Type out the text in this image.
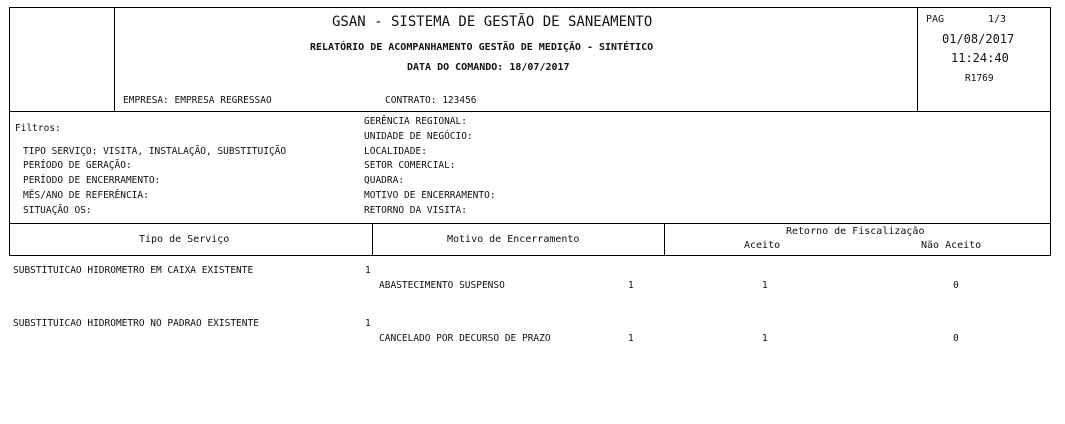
GSAN - SISTEMA DE GESTÃO DE SANEAMENTO
RELATÓRIO DE ACOMPANHAMENTO GESTÃO DE MEDIÇÃO - SINTÉTICO
DATA DO COMANDO: 18/07/2017
EMPRESA: EMPRESA REGRESSAO	CONTRATO: 123456
PAG	1/3
01/08/2017
11:24:40
R1769
Filtros:
TIPO SERVIÇO: VISITA, INSTALAÇÃO, SUBSTITUIÇÃO
PERÍODO DE GERAÇÃO:
PERÍODO DE ENCERRAMENTO:
MÊS/ANO DE REFERÊNCIA:
SITUAÇÃO OS:
GERÊNCIA REGIONAL:
UNIDADE DE NEGÓCIO:
LOCALIDADE:
SETOR COMERCIAL:
QUADRA:
MOTIVO DE ENCERRAMENTO:
RETORNO DA VISITA:
Tipo de Serviço	Motivo de Encerramento
Retorno de Fiscalização
Aceito	Não Aceito
SUBSTITUICAO HIDROMETRO EM CAIXA EXISTENTE	1
ABASTECIMENTO SUSPENSO	1	1	0
SUBSTITUICAO HIDROMETRO NO PADRAO EXISTENTE	1
CANCELADO POR DECURSO DE PRAZO	1	1	0
